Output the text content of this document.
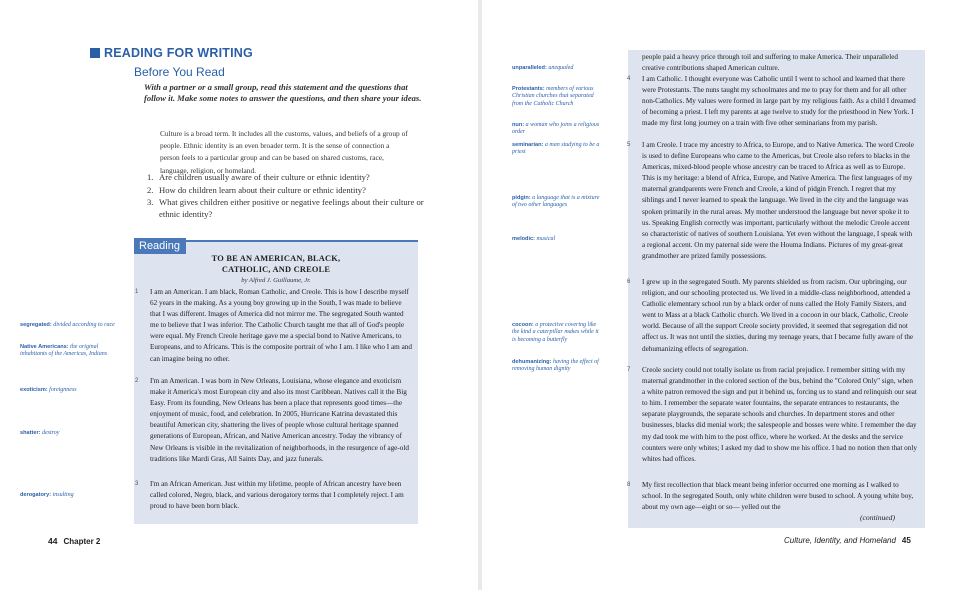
READING FOR WRITING
Before You Read
With a partner or a small group, read this statement and the questions that follow it. Make some notes to answer the questions, and then share your ideas.
Culture is a broad term. It includes all the customs, values, and beliefs of a group of people. Ethnic identity is an even broader term. It is the sense of connection a person feels to a particular group and can be based on shared customs, race, language, religion, or homeland.
1. Are children usually aware of their culture or ethnic identity?
2. How do children learn about their culture or ethnic identity?
3. What gives children either positive or negative feelings about their culture or ethnic identity?
Reading
TO BE AN AMERICAN, BLACK,
CATHOLIC, AND CREOLE
by Alfred J. Guillaume, Jr.
1 I am an American. I am black, Roman Catholic, and Creole. This is how I describe myself 62 years in the making. As a young boy growing up in the South, I was made to believe that I was different. Images of America did not mirror me. The segregated South wanted me to believe that I was inferior. The Catholic Church taught me that all of God's people were equal. My French Creole heritage gave me a special bond to Native Americans, to Europeans, and to Africans. This is the composite portrait of who I am. I like who I am and can imagine being no other.
2 I'm an American. I was born in New Orleans, Louisiana, whose elegance and exoticism make it America's most European city and also its most Caribbean. Natives call it the Big Easy. From its founding, New Orleans has been a place that represents good times—the enjoyment of music, food, and celebration. In 2005, Hurricane Katrina devastated this beautiful American city, shattering the lives of people whose cultural heritage spanned generations of European, African, and Native American ancestry. Today the vibrancy of New Orleans is visible in the revitalization of neighborhoods, in the resurgence of age-old traditions like Mardi Gras, All Saints Day, and jazz funerals.
3 I'm an African American. Just within my lifetime, people of African ancestry have been called colored, Negro, black, and various derogatory terms that I completely reject. I am proud to have been born black.
segregated: divided according to race
Native Americans: the original inhabitants of the Americas, Indians
exoticism: foreignness
shatter: destroy
derogatory: insulting
44 Chapter 2
people paid a heavy price through toil and suffering to make America. Their unparalleled creative contributions shaped American culture.
4 I am Catholic. I thought everyone was Catholic until I went to school and learned that there were Protestants. The nuns taught my schoolmates and me to pray for them and for all other non-Catholics. My values were formed in large part by my religious faith. As a child I dreamed of becoming a priest. I left my parents at age twelve to study for the priesthood in New York. I made my first long journey on a train with five other seminarians from my parish.
5 I am Creole. I trace my ancestry to Africa, to Europe, and to Native America. The word Creole is used to define Europeans who came to the Americas, but Creole also refers to blacks in the Americas, mixed-blood people whose ancestry can be traced to Africa as well as to Europe. This is my heritage: a blend of Africa, Europe, and Native America. The first languages of my maternal grandparents were French and Creole, a kind of pidgin French. I regret that my siblings and I never learned to speak the language. We lived in the city and the language was spoken primarily in the rural areas. My mother understood the language but never spoke it to us. Speaking English correctly was important, particularly without the melodic Creole accent so characteristic of natives of southern Louisiana. Yet even without the language, I speak with a regional accent. On my paternal side were the Houma Indians. Pictures of my great-great grandmother are prized family possessions.
6 I grew up in the segregated South. My parents shielded us from racism. Our upbringing, our religion, and our schooling protected us. We lived in a middle-class neighborhood, attended a Catholic elementary school run by a black order of nuns called the Holy Family Sisters, and went to Mass at a black Catholic church. We lived in a cocoon in our black, Catholic, Creole world. Because of all the support Creole society provided, it seemed that segregation did not affect us. It was not until the sixties, during my teenage years, that I became fully aware of the dehumanizing effects of segregation.
7 Creole society could not totally isolate us from racial prejudice. I remember sitting with my maternal grandmother in the colored section of the bus, behind the "Colored Only" sign, when a white patron removed the sign and put it behind us, forcing us to stand and relinquish our seat to him. I remember the separate water fountains, the separate entrances to restaurants, the separate playgrounds, the separate schools and churches. In department stores and other businesses, blacks did menial work; the salespeople and bosses were white. I remember the day my dad took me with him to the post office, where he worked. At the desks and the service counters were only whites; I asked my dad to show me his office. I had no notion then that only whites had offices.
8 My first recollection that black meant being inferior occurred one morning as I walked to school. In the segregated South, only white children were bused to school. A young white boy, about my own age—eight or so— yelled out the
(continued)
unparalleled: unequaled
Protestants: members of various Christian churches that separated from the Catholic Church
nun: a woman who joins a religious order
seminarian: a man studying to be a priest
pidgin: a language that is a mixture of two other languages
melodic: musical
cocoon: a protective covering like the kind a caterpillar makes while it is becoming a butterfly
dehumanizing: having the effect of removing human dignity
Culture, Identity, and Homeland 45
